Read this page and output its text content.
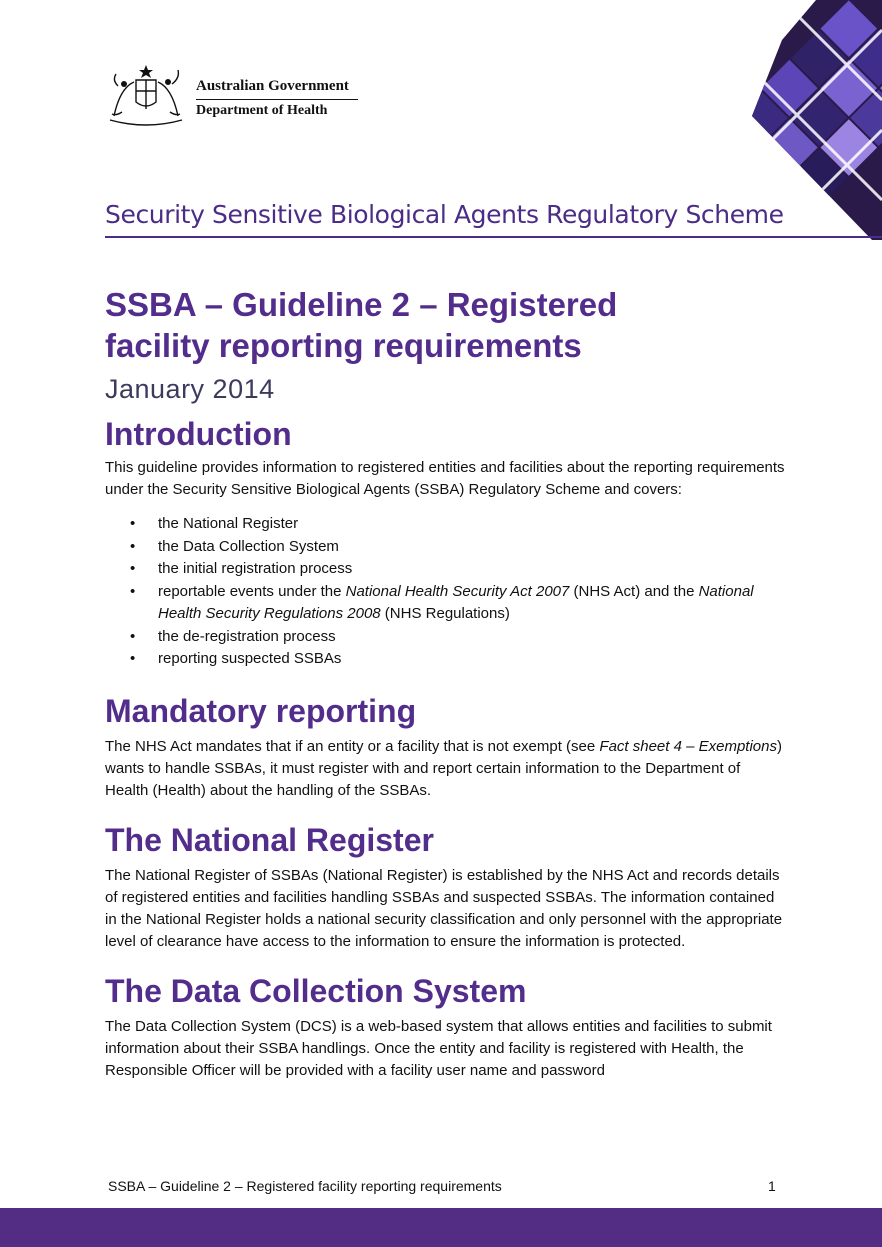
Australian Government
Department of Health
Security Sensitive Biological Agents Regulatory Scheme
SSBA – Guideline 2 – Registered
facility reporting requirements
January 2014
Introduction

This guideline provides information to registered entities and facilities about the reporting requirements under the Security Sensitive Biological Agents (SSBA) Regulatory Scheme and covers:

• the National Register
• the Data Collection System
• the initial registration process
• reportable events under the National Health Security Act 2007 (NHS Act) and the National Health Security Regulations 2008 (NHS Regulations)
• the de-registration process
• reporting suspected SSBAs
Mandatory reporting

The NHS Act mandates that if an entity or a facility that is not exempt (see Fact sheet 4 – Exemptions) wants to handle SSBAs, it must register with and report certain information to the Department of Health (Health) about the handling of the SSBAs.

The National Register

The National Register of SSBAs (National Register) is established by the NHS Act and records details of registered entities and facilities handling SSBAs and suspected SSBAs. The information contained in the National Register holds a national security classification and only personnel with the appropriate level of clearance have access to the information to ensure the information is protected.

The Data Collection System

The Data Collection System (DCS) is a web-based system that allows entities and facilities to submit information about their SSBA handlings. Once the entity and facility is registered with Health, the Responsible Officer will be provided with a facility user name and password

SSBA – Guideline 2 – Registered facility reporting requirements	1
